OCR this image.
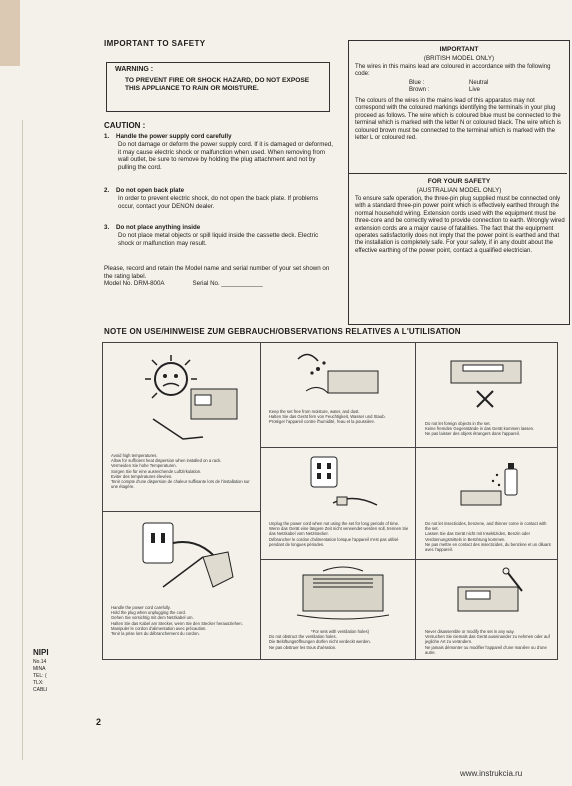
IMPORTANT TO SAFETY
WARNING :
TO PREVENT FIRE OR SHOCK HAZARD, DO NOT EXPOSE THIS APPLIANCE TO RAIN OR MOISTURE.
CAUTION :
1. Handle the power supply cord carefully
Do not damage or deform the power supply cord. If it is damaged or deformed, it may cause electric shock or malfunction when used. When removing from wall outlet, be sure to remove by holding the plug attachment and not by pulling the cord.
2. Do not open back plate
In order to prevent electric shock, do not open the back plate. If problems occur, contact your DENON dealer.
3. Do not place anything inside
Do not place metal objects or spill liquid inside the cassette deck. Electric shock or malfunction may result.
Please, record and retain the Model name and serial number of your set shown on the rating label.
Model No. DRM-800A	Serial No. ____________
IMPORTANT
(BRITISH MODEL ONLY)
The wires in this mains lead are coloured in accordance with the following code:
Blue :	Neutral
Brown :	Live
The colours of the wires in the mains lead of this apparatus may not correspond with the coloured markings identifying the terminals in your plug proceed as follows. The wire which is coloured blue must be connected to the terminal which is marked with the letter N or coloured black. The wire which is coloured brown must be connected to the terminal which is marked with the letter L or coloured red.
FOR YOUR SAFETY
(AUSTRALIAN MODEL ONLY)
To ensure safe operation, the three-pin plug supplied must be connected only with a standard three-pin power point which is effectively earthed through the normal household wiring. Extension cords used with the equipment must be three-core and be correctly wired to provide connection to earth. Wrongly wired extension cords are a major cause of fatalities. The fact that the equipment operates satisfactorily does not imply that the power point is earthed and that the installation is completely safe. For your safety, if in any doubt about the effective earthing of the power point, contact a qualified electrician.
NOTE ON USE/HINWEISE ZUM GEBRAUCH/OBSERVATIONS RELATIVES A L'UTILISATION
Avoid high temperatures.
Allow for sufficient heat dispersion when installed on a rack.
Vermeiden Sie hohe Temperaturen.
Sorgen Sie für eine ausreichende Luftzirkulation.
Eviter des températures élevées.
Tenir compte d'une dispersion de chaleur suffisante lors de l'installation sur une étagère.
Keep the set free from moisture, water, and dust.
Halten Sie das Gerät fern von Feuchtigkeit, Wasser und Staub.
Protéger l'appareil contre l'humidité, l'eau et la poussière.	Do not let foreign objects in the set.
Keine fremden Gegenstände in das Gerät kommen lassen.
Ne pas laisser des objets étrangers dans l'appareil.
Handle the power cord carefully.
Hold the plug when unplugging the cord.
Gehen Sie vorsichtig mit dem Netzkabel um.
Halten Sie das Kabel am Stecker, wenn Sie den Stecker herausziehen.
Manipuler le cordon d'alimentation avec précaution.
Tenir la prise lors du débranchement du cordon.
Unplug the power cord when not using the set for long periods of time.
Wenn das Gerät eine längere Zeit nicht verwendet werden soll, trennen Sie das Netzkabel vom Netzstecker.
Débrancher le cordon d'alimentation lorsque l'appareil n'est pas utilisé pendant de longues périodes.
Do not let insecticides, benzene, and thinner come in contact with the set.
Lassen Sie das Gerät nicht mit Insektiziden, Benzin oder Verdünnungsmitteln in Berührung kommen.
Ne pas mettre en contact des insecticides, du benzène et un diluant avec l'appareil.
*For sets with ventilation holes)
Do not obstruct the ventilation holes.
Die Belüftungsöffnungen dürfen nicht verdeckt werden.
Ne pas obstruer les trous d'aération.
Never disassemble or modify the set in any way.
Versuchen Sie niemals das Gerät auseinander zu nehmen oder auf jegliche Art zu verändern.
Ne jamais démonter ou modifier l'appareil d'une manière ou d'une autre.
NIPI
No.14
MINA
TEL: (
TLX:
CABLI
2
www.instrukcia.ru
